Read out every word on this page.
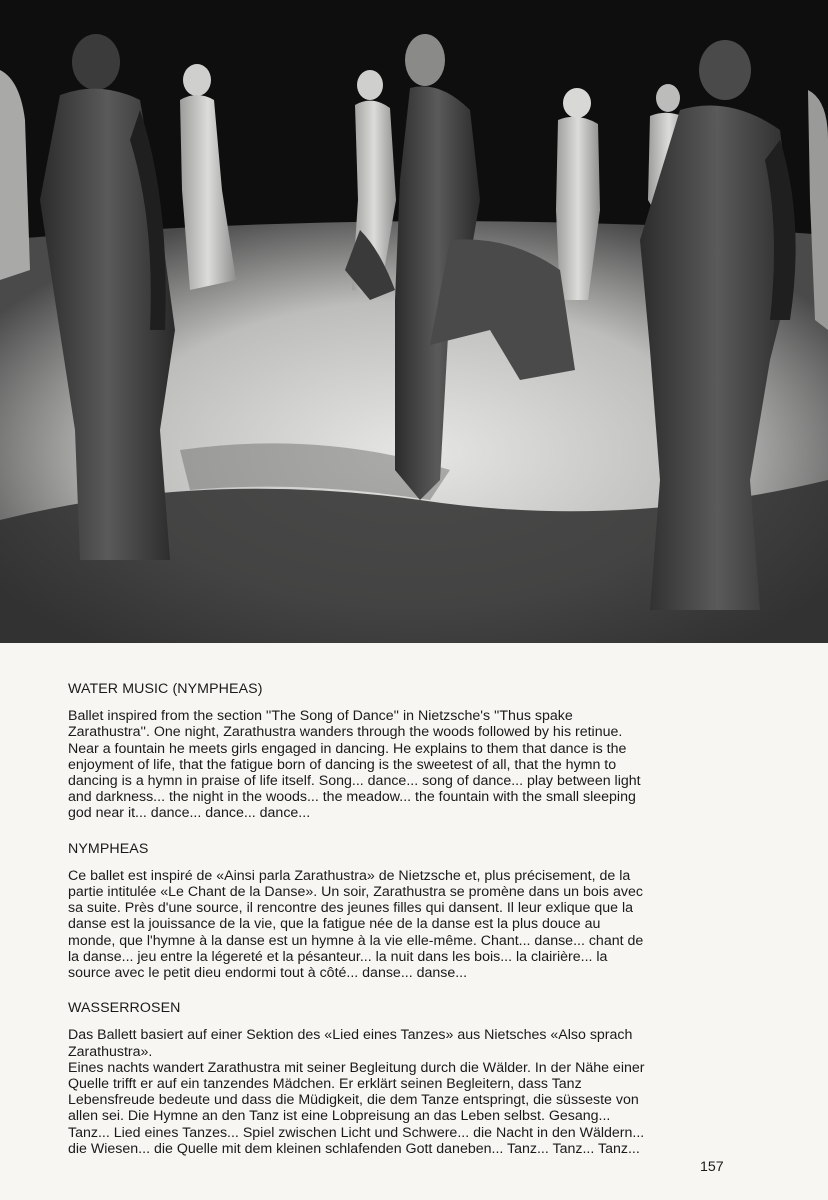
WATER MUSIC (NYMPHEAS)

Ballet inspired from the section ''The Song of Dance'' in Nietzsche's ''Thus spake
Zarathustra''. One night, Zarathustra wanders through the woods followed by his retinue.
Near a fountain he meets girls engaged in dancing. He explains to them that dance is the
enjoyment of life, that the fatigue born of dancing is the sweetest of all, that the hymn to
dancing is a hymn in praise of life itself. Song... dance... song of dance... play between light
and darkness... the night in the woods... the meadow... the fountain with the small sleeping
god near it... dance... dance... dance...

NYMPHEAS

Ce ballet est inspiré de «Ainsi parla Zarathustra» de Nietzsche et, plus précisement, de la
partie intitulée «Le Chant de la Danse». Un soir, Zarathustra se promène dans un bois avec
sa suite. Près d'une source, il rencontre des jeunes filles qui dansent. Il leur exlique que la
danse est la jouissance de la vie, que la fatigue née de la danse est la plus douce au
monde, que l'hymne à la danse est un hymne à la vie elle-même. Chant... danse... chant de
la danse... jeu entre la légereté et la pésanteur... la nuit dans les bois... la clairière... la
source avec le petit dieu endormi tout à côté... danse... danse...

WASSERROSEN

Das Ballett basiert auf einer Sektion des «Lied eines Tanzes» aus Nietsches «Also sprach
Zarathustra».
Eines nachts wandert Zarathustra mit seiner Begleitung durch die Wälder. In der Nähe einer
Quelle trifft er auf ein tanzendes Mädchen. Er erklärt seinen Begleitern, dass Tanz
Lebensfreude bedeute und dass die Müdigkeit, die dem Tanze entspringt, die süsseste von
allen sei. Die Hymne an den Tanz ist eine Lobpreisung an das Leben selbst. Gesang...
Tanz... Lied eines Tanzes... Spiel zwischen Licht und Schwere... die Nacht in den Wäldern...
die Wiesen... die Quelle mit dem kleinen schlafenden Gott daneben... Tanz... Tanz... Tanz...

157
